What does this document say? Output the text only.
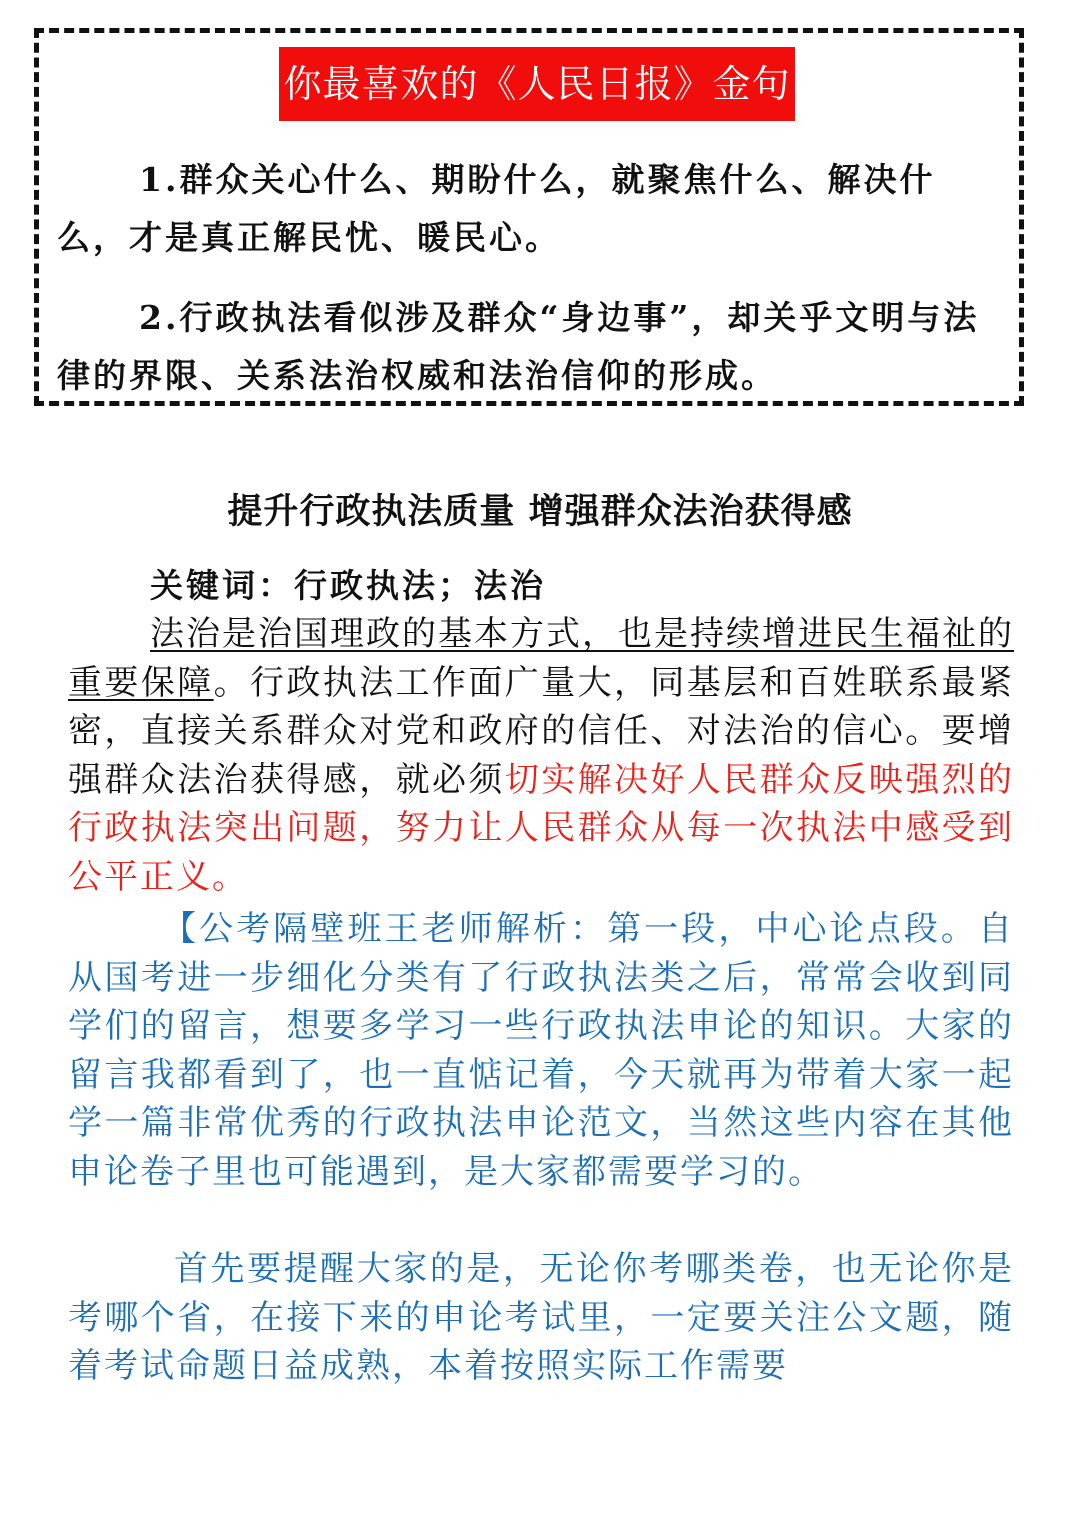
你最喜欢的《人民日报》金句
1.群众关心什么、期盼什么，就聚焦什么、解决什么，才是真正解民忧、暖民心。
2.行政执法看似涉及群众“身边事”，却关乎文明与法律的界限、关系法治权威和法治信仰的形成。
提升行政执法质量 增强群众法治获得感
关键词：行政执法；法治
法治是治国理政的基本方式，也是持续增进民生福祉的重要保障。行政执法工作面广量大，同基层和百姓联系最紧密，直接关系群众对党和政府的信任、对法治的信心。要增强群众法治获得感，就必须切实解决好人民群众反映强烈的行政执法突出问题，努力让人民群众从每一次执法中感受到公平正义。
【公考隔壁班王老师解析：第一段，中心论点段。自从国考进一步细化分类有了行政执法类之后，常常会收到同学们的留言，想要多学习一些行政执法申论的知识。大家的留言我都看到了，也一直惦记着，今天就再为带着大家一起学一篇非常优秀的行政执法申论范文，当然这些内容在其他申论卷子里也可能遇到，是大家都需要学习的。
首先要提醒大家的是，无论你考哪类卷，也无论你是考哪个省，在接下来的申论考试里，一定要关注公文题，随着考试命题日益成熟，本着按照实际工作需要
